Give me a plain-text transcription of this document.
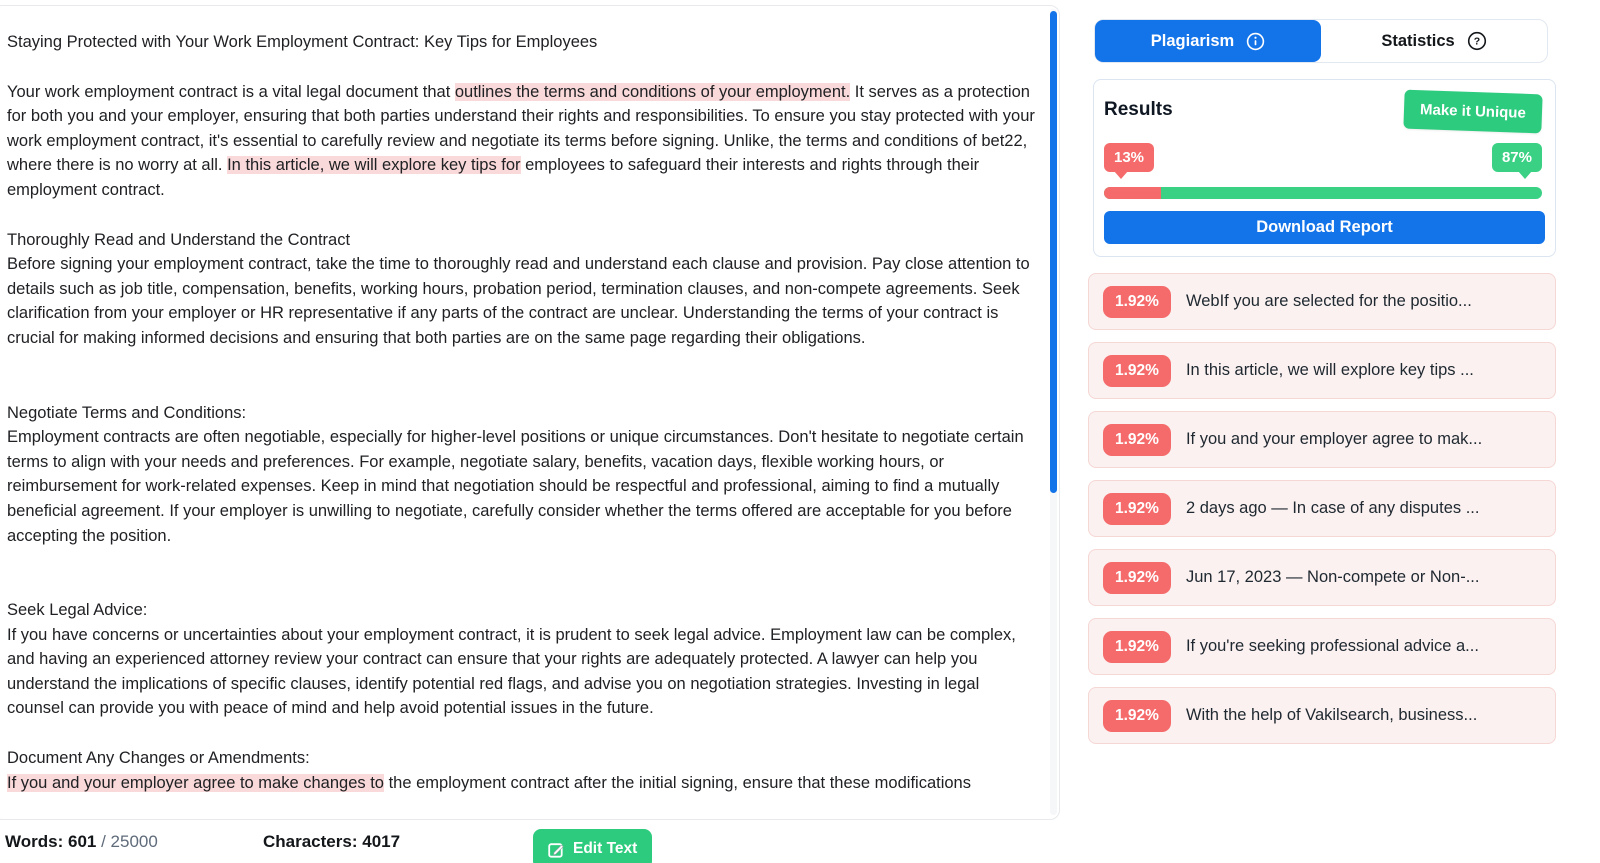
Staying Protected with Your Work Employment Contract: Key Tips for Employees

Your work employment contract is a vital legal document that outlines the terms and conditions of your employment. It serves as a protection for both you and your employer, ensuring that both parties understand their rights and responsibilities. To ensure you stay protected with your work employment contract, it's essential to carefully review and negotiate its terms before signing. Unlike, the terms and conditions of bet22, where there is no worry at all. In this article, we will explore key tips for employees to safeguard their interests and rights through their employment contract.

Thoroughly Read and Understand the Contract

Before signing your employment contract, take the time to thoroughly read and understand each clause and provision. Pay close attention to details such as job title, compensation, benefits, working hours, probation period, termination clauses, and non-compete agreements. Seek clarification from your employer or HR representative if any parts of the contract are unclear. Understanding the terms of your contract is crucial for making informed decisions and ensuring that both parties are on the same page regarding their obligations.

Negotiate Terms and Conditions:

Employment contracts are often negotiable, especially for higher-level positions or unique circumstances. Don't hesitate to negotiate certain terms to align with your needs and preferences. For example, negotiate salary, benefits, vacation days, flexible working hours, or reimbursement for work-related expenses. Keep in mind that negotiation should be respectful and professional, aiming to find a mutually beneficial agreement. If your employer is unwilling to negotiate, carefully consider whether the terms offered are acceptable for you before accepting the position.

Seek Legal Advice:

If you have concerns or uncertainties about your employment contract, it is prudent to seek legal advice. Employment law can be complex, and having an experienced attorney review your contract can ensure that your rights are adequately protected. A lawyer can help you understand the implications of specific clauses, identify potential red flags, and advise you on negotiation strategies. Investing in legal counsel can provide you with peace of mind and help avoid potential issues in the future.

Document Any Changes or Amendments:

If you and your employer agree to make changes to the employment contract after the initial signing, ensure that these modifications

Words: 601 / 25000	Characters: 4017	Edit Text
Plagiarism	Statistics ?
Results	Make it Unique
13%	87%
Download Report
1.92%	WebIf you are selected for the positio...
1.92%	In this article, we will explore key tips ...
1.92%	If you and your employer agree to mak...
1.92%	2 days ago — In case of any disputes ...
1.92%	Jun 17, 2023 — Non-compete or Non-...
1.92%	If you're seeking professional advice a...
1.92%	With the help of Vakilsearch, business...
